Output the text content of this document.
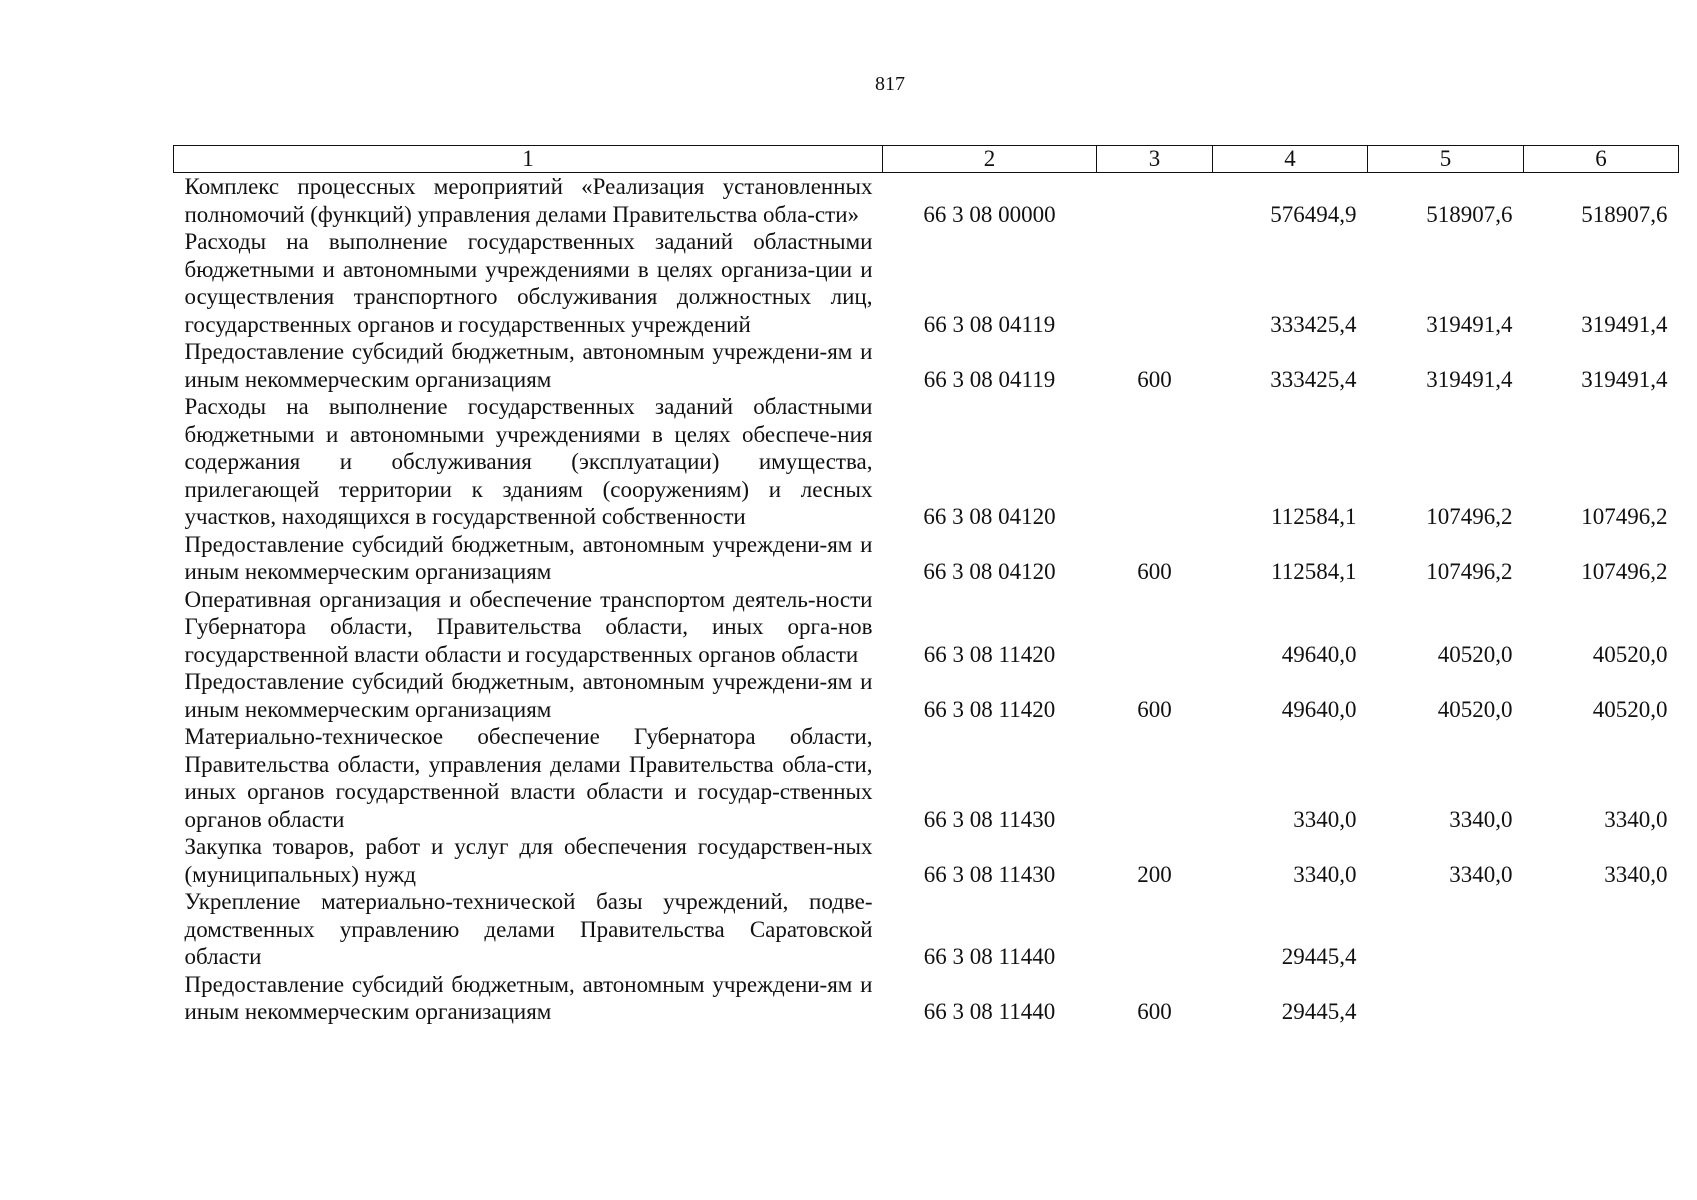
817
1	2	3	4	5	6
Комплекс процессных мероприятий «Реализация установленных полномочий (функций) управления делами Правительства обла-сти»	66 3 08 00000		576494,9	518907,6	518907,6
Расходы на выполнение государственных заданий областными бюджетными и автономными учреждениями в целях организа-ции и осуществления транспортного обслуживания должностных лиц, государственных органов и государственных учреждений	66 3 08 04119		333425,4	319491,4	319491,4
Предоставление субсидий бюджетным, автономным учреждени-ям и иным некоммерческим организациям	66 3 08 04119	600	333425,4	319491,4	319491,4
Расходы на выполнение государственных заданий областными бюджетными и автономными учреждениями в целях обеспече-ния содержания и обслуживания (эксплуатации) имущества, прилегающей территории к зданиям (сооружениям) и лесных участков, находящихся в государственной собственности	66 3 08 04120		112584,1	107496,2	107496,2
Предоставление субсидий бюджетным, автономным учреждени-ям и иным некоммерческим организациям	66 3 08 04120	600	112584,1	107496,2	107496,2
Оперативная организация и обеспечение транспортом деятель-ности Губернатора области, Правительства области, иных орга-нов государственной власти области и государственных органов области	66 3 08 11420		49640,0	40520,0	40520,0
Предоставление субсидий бюджетным, автономным учреждени-ям и иным некоммерческим организациям	66 3 08 11420	600	49640,0	40520,0	40520,0
Материально-техническое обеспечение Губернатора области, Правительства области, управления делами Правительства обла-сти, иных органов государственной власти области и государ-ственных органов области	66 3 08 11430		3340,0	3340,0	3340,0
Закупка товаров, работ и услуг для обеспечения государствен-ных (муниципальных) нужд	66 3 08 11430	200	3340,0	3340,0	3340,0
Укрепление материально-технической базы учреждений, подве-домственных управлению делами Правительства Саратовской области	66 3 08 11440		29445,4		
Предоставление субсидий бюджетным, автономным учреждени-ям и иным некоммерческим организациям	66 3 08 11440	600	29445,4		
